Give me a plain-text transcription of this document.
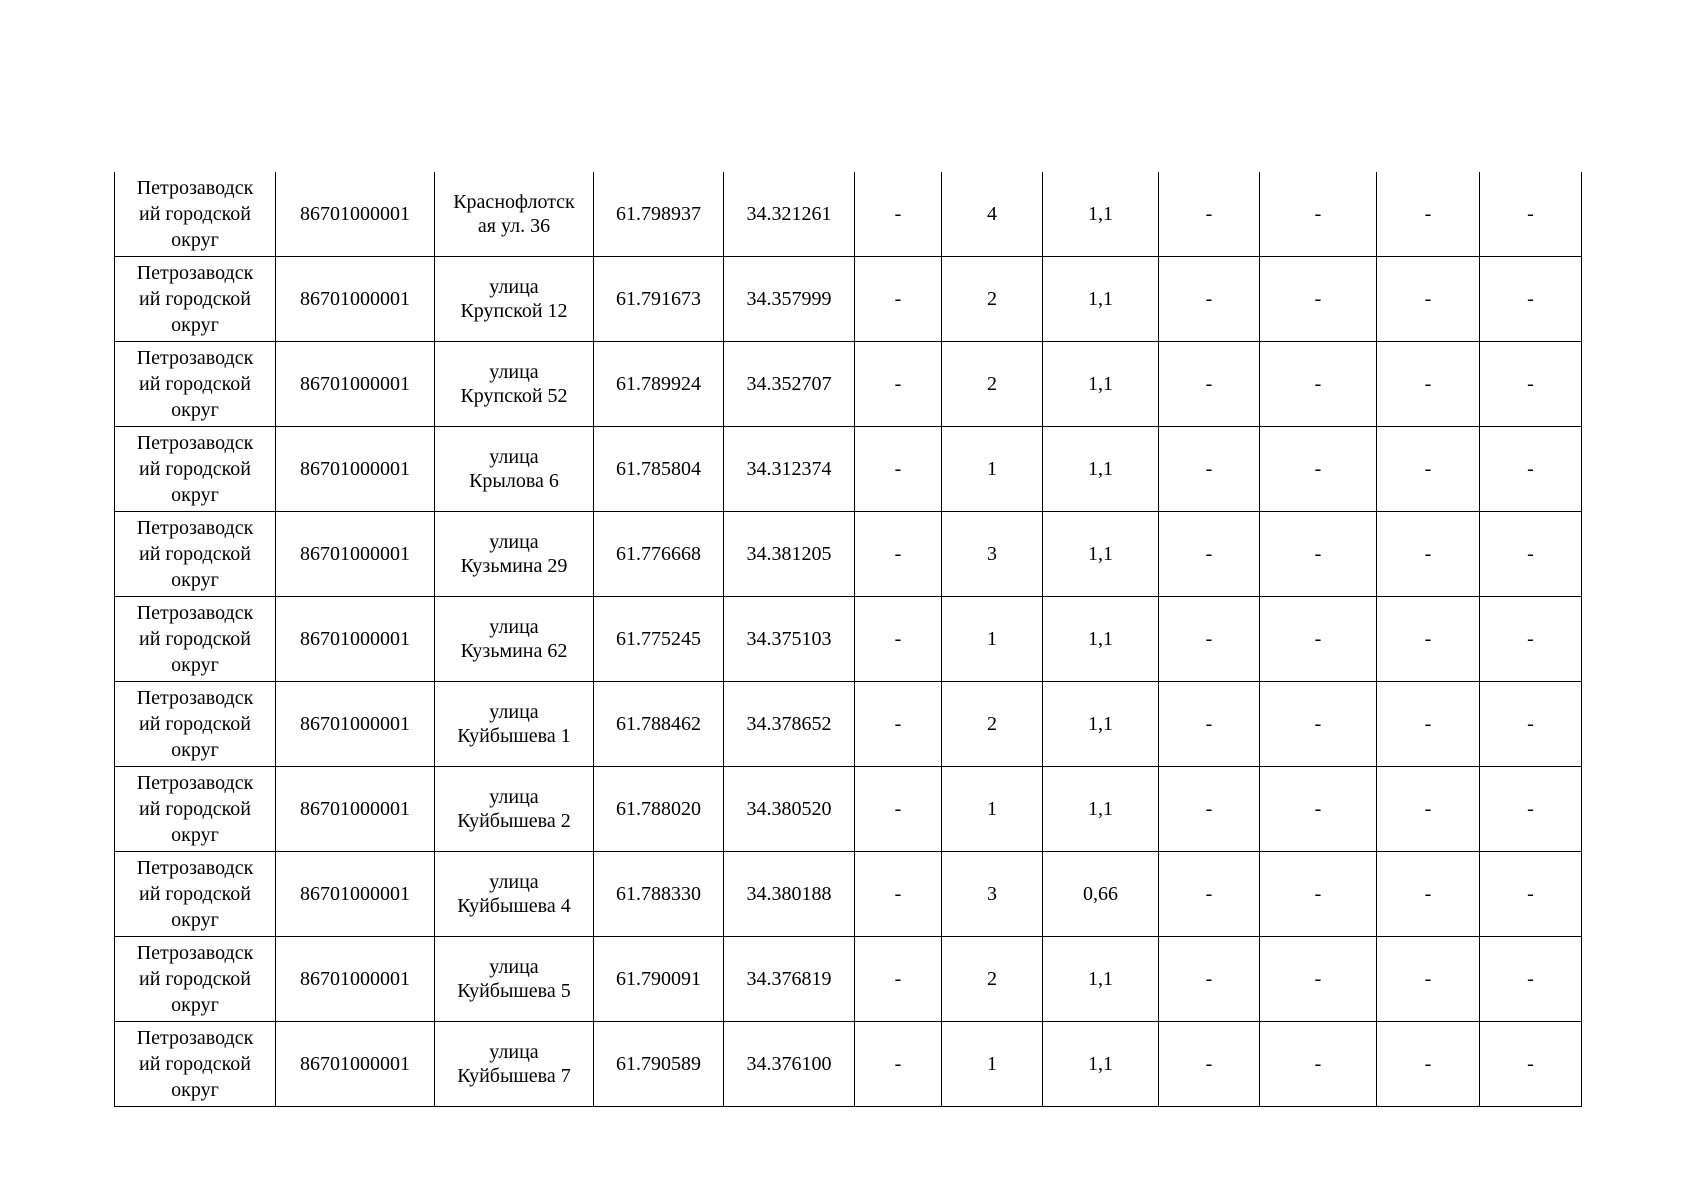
Петрозаводск
ий городской
округ	86701000001	Краснофлотск
ая ул. 36	61.798937	34.321261	-	4	1,1	-	-	-	-
Петрозаводск
ий городской
округ	86701000001	улица
Крупской 12	61.791673	34.357999	-	2	1,1	-	-	-	-
Петрозаводск
ий городской
округ	86701000001	улица
Крупской 52	61.789924	34.352707	-	2	1,1	-	-	-	-
Петрозаводск
ий городской
округ	86701000001	улица
Крылова 6	61.785804	34.312374	-	1	1,1	-	-	-	-
Петрозаводск
ий городской
округ	86701000001	улица
Кузьмина 29	61.776668	34.381205	-	3	1,1	-	-	-	-
Петрозаводск
ий городской
округ	86701000001	улица
Кузьмина 62	61.775245	34.375103	-	1	1,1	-	-	-	-
Петрозаводск
ий городской
округ	86701000001	улица
Куйбышева 1	61.788462	34.378652	-	2	1,1	-	-	-	-
Петрозаводск
ий городской
округ	86701000001	улица
Куйбышева 2	61.788020	34.380520	-	1	1,1	-	-	-	-
Петрозаводск
ий городской
округ	86701000001	улица
Куйбышева 4	61.788330	34.380188	-	3	0,66	-	-	-	-
Петрозаводск
ий городской
округ	86701000001	улица
Куйбышева 5	61.790091	34.376819	-	2	1,1	-	-	-	-
Петрозаводск
ий городской
округ	86701000001	улица
Куйбышева 7	61.790589	34.376100	-	1	1,1	-	-	-	-
